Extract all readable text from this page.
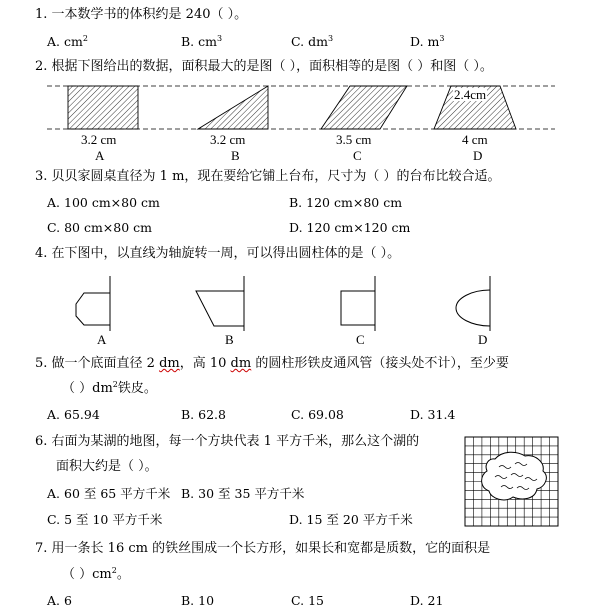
1. 一本数学书的体积约是 240（ ）。
A. $cm^2$	B. $cm^3$	C. $dm^3$	D. $m^3$
2. 根据下图给出的数据，面积最大的是图（ ），面积相等的是图（ ）和图（ ）。
2.4cm
3.2 cm	3.2 cm	3.5 cm	4 cm
A	B	C	D
3. 贝贝家圆桌直径为 1 m，现在要给它铺上台布，尺寸为（ ）的台布比较合适。
A. 100 cm×80 cm	B. 120 cm×80 cm
C. 80 cm×80 cm	D. 120 cm×120 cm
4. 在下图中，以直线为轴旋转一周，可以得出圆柱体的是（ ）。
A	B	C	D
5. 做一个底面直径 2 dm，高 10 dm 的圆柱形铁皮通风管（接头处不计），至少要
（ ）$dm^2$铁皮。
A. 65.94	B. 62.8	C. 69.08	D. 31.4
6. 右面为某湖的地图，每一个方块代表 1 平方千米，那么这个湖的
面积大约是（ ）。
A. 60 至 65 平方千米 B. 30 至 35 平方千米
C. 5 至 10 平方千米	D. 15 至 20 平方千米
7. 用一条长 16 cm 的铁丝围成一个长方形，如果长和宽都是质数，它的面积是
（ ）$cm^2$。
A. 6	B. 10	C. 15	D. 21
